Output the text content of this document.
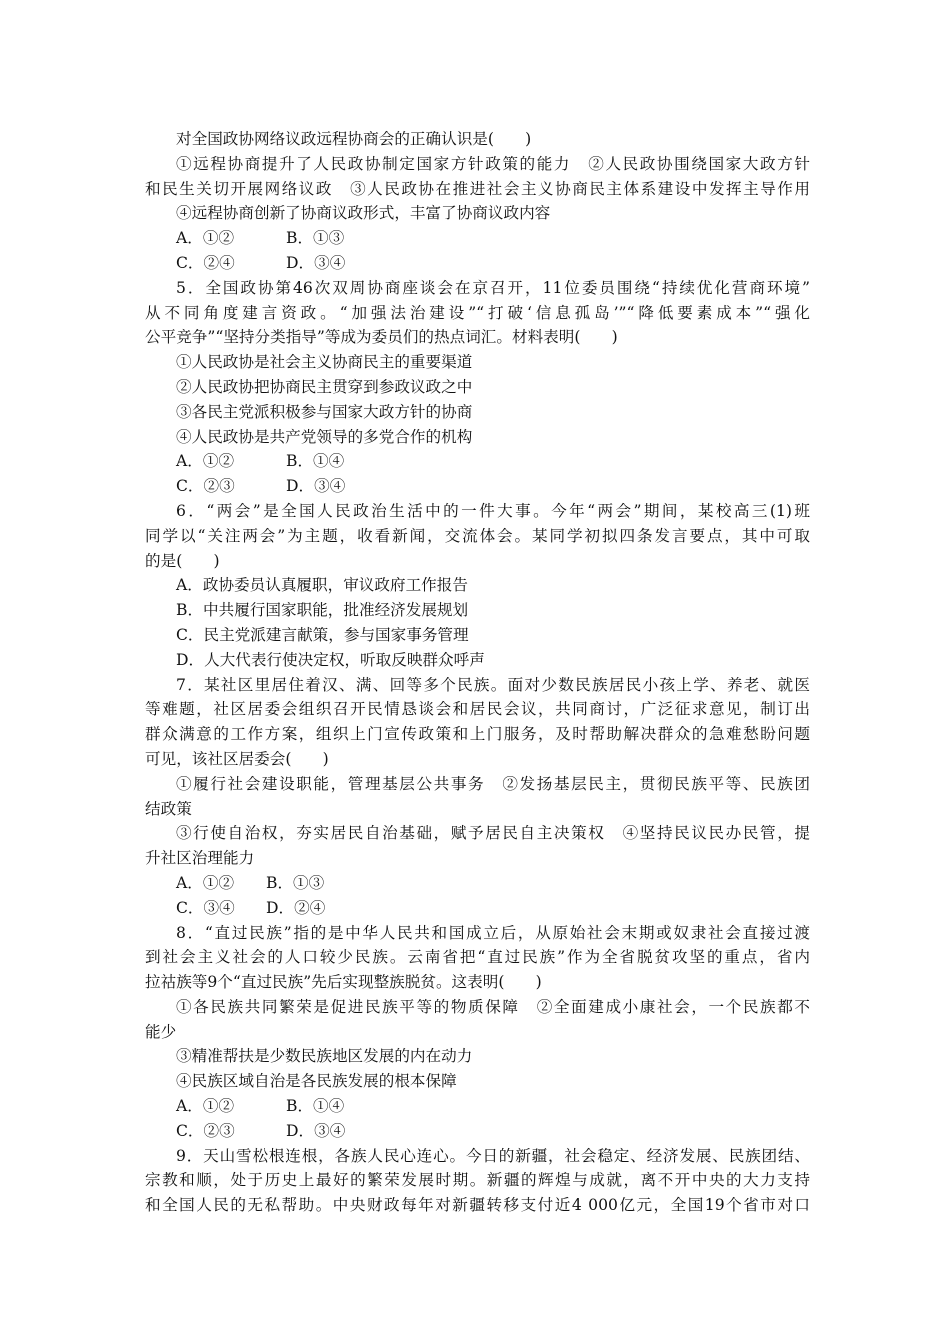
对全国政协网络议政远程协商会的正确认识是(　　)
①远程协商提升了人民政协制定国家方针政策的能力　②人民政协围绕国家大政方针
和民生关切开展网络议政　③人民政协在推进社会主义协商民主体系建设中发挥主导作用
④远程协商创新了协商议政形式，丰富了协商议政内容
A．①②	B．①③
C．②④	D．③④
5．全国政协第46次双周协商座谈会在京召开，11位委员围绕“持续优化营商环境”
从不同角度建言资政。“加强法治建设”“打破‘信息孤岛’”“降低要素成本”“强化
公平竞争”“坚持分类指导”等成为委员们的热点词汇。材料表明(　　)
①人民政协是社会主义协商民主的重要渠道
②人民政协把协商民主贯穿到参政议政之中
③各民主党派积极参与国家大政方针的协商
④人民政协是共产党领导的多党合作的机构
A．①②	B．①④
C．②③	D．③④
6．“两会”是全国人民政治生活中的一件大事。今年“两会”期间，某校高三(1)班
同学以“关注两会”为主题，收看新闻，交流体会。某同学初拟四条发言要点，其中可取
的是(　　)
A．政协委员认真履职，审议政府工作报告
B．中共履行国家职能，批准经济发展规划
C．民主党派建言献策，参与国家事务管理
D．人大代表行使决定权，听取反映群众呼声
7．某社区里居住着汉、满、回等多个民族。面对少数民族居民小孩上学、养老、就医
等难题，社区居委会组织召开民情恳谈会和居民会议，共同商讨，广泛征求意见，制订出
群众满意的工作方案，组织上门宣传政策和上门服务，及时帮助解决群众的急难愁盼问题
可见，该社区居委会(　　)
①履行社会建设职能，管理基层公共事务　②发扬基层民主，贯彻民族平等、民族团
结政策
③行使自治权，夯实居民自治基础，赋予居民自主决策权　④坚持民议民办民管，提
升社区治理能力
A．①② B．①③
C．③④ D．②④
8．“直过民族”指的是中华人民共和国成立后，从原始社会末期或奴隶社会直接过渡
到社会主义社会的人口较少民族。云南省把“直过民族”作为全省脱贫攻坚的重点，省内
拉祜族等9个“直过民族”先后实现整族脱贫。这表明(　　)
①各民族共同繁荣是促进民族平等的物质保障　②全面建成小康社会，一个民族都不
能少
③精准帮扶是少数民族地区发展的内在动力
④民族区域自治是各民族发展的根本保障
A．①②	B．①④
C．②③	D．③④
9．天山雪松根连根，各族人民心连心。今日的新疆，社会稳定、经济发展、民族团结、
宗教和顺，处于历史上最好的繁荣发展时期。新疆的辉煌与成就，离不开中央的大力支持
和全国人民的无私帮助。中央财政每年对新疆转移支付近4 000亿元，全国19个省市对口
